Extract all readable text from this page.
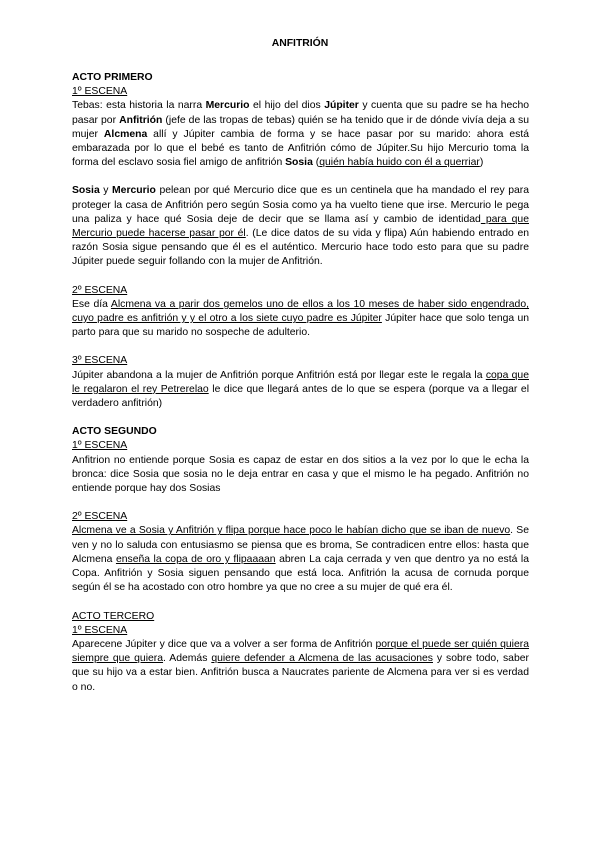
ANFITRIÓN
ACTO PRIMERO
1º ESCENA

Tebas: esta historia la narra Mercurio el hijo del dios Júpiter y cuenta que su padre se ha hecho pasar por Anfitrión (jefe de las tropas de tebas) quién se ha tenido que ir de dónde vivía deja a su mujer Alcmena allí y Júpiter cambia de forma y se hace pasar por su marido: ahora está embarazada por lo que el bebé es tanto de Anfitrión cómo de Júpiter.Su hijo Mercurio toma la forma del esclavo sosia fiel amigo de anfitrión Sosia (quién había huido con él a querriar)

Sosia y Mercurio pelean por qué Mercurio dice que es un centinela que ha mandado el rey para proteger la casa de Anfitrión pero según Sosia como ya ha vuelto tiene que irse. Mercurio le pega una paliza y hace qué Sosia deje de decir que se llama así y cambio de identidad para que Mercurio puede hacerse pasar por él. (Le dice datos de su vida y flipa) Aún habiendo entrado en razón Sosia sigue pensando que él es el auténtico. Mercurio hace todo esto para que su padre Júpiter puede seguir follando con la mujer de Anfitrión.

2º ESCENA

Ese día Alcmena va a parir dos gemelos uno de ellos a los 10 meses de haber sido engendrado, cuyo padre es anfitrión y y el otro a los siete cuyo padre es Júpiter Júpiter hace que solo tenga un parto para que su marido no sospeche de adulterio.

3º ESCENA

Júpiter abandona a la mujer de Anfitrión porque Anfitrión está por llegar este le regala la copa que le regalaron el rey Petrerelao le dice que llegará antes de lo que se espera (porque va a llegar el verdadero anfitrión)

ACTO SEGUNDO
1º ESCENA

Anfitrion no entiende porque Sosia es capaz de estar en dos sitios a la vez por lo que le echa la bronca: dice Sosia que sosia no le deja entrar en casa y que el mismo le ha pegado. Anfitrión no entiende porque hay dos Sosias

2º ESCENA

Alcmena ve a Sosia y Anfitrión y flipa porque hace poco le habían dicho que se iban de nuevo. Se ven y no lo saluda con entusiasmo se piensa que es broma, Se contradicen entre ellos: hasta que Alcmena enseña la copa de oro y flipaaaan abren La caja cerrada y ven que dentro ya no está la Copa. Anfitrión y Sosia siguen pensando que está loca. Anfitrión la acusa de cornuda porque según él se ha acostado con otro hombre ya que no cree a su mujer de qué era él.

ACTO TERCERO
1º ESCENA

Aparecene Júpiter y dice que va a volver a ser forma de Anfitrión porque el puede ser quién quiera siempre que quiera. Además quiere defender a Alcmena de las acusaciones y sobre todo, saber que su hijo va a estar bien. Anfitrión busca a Naucrates pariente de Alcmena para ver si es verdad o no.
